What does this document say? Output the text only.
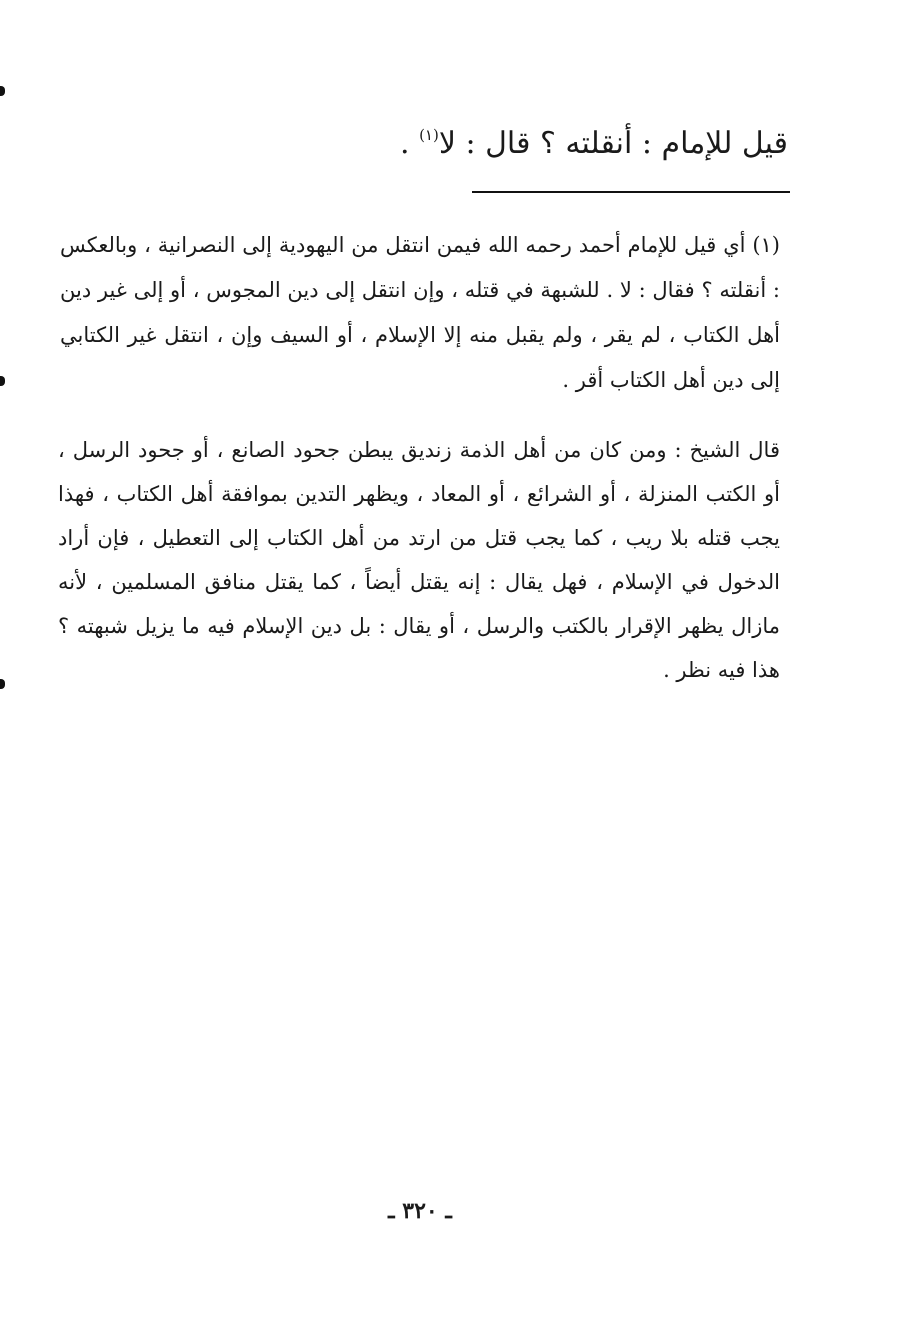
قيل للإمام : أنقلته ؟ قال : لا$^{(١)}$ .

(١) أي قيل للإمام أحمد رحمه الله فيمن انتقل من اليهودية إلى النصرانية ، وبالعكس : أنقلته ؟ فقال : لا . للشبهة في قتله ، وإن انتقل إلى دين المجوس ، أو إلى غير دين أهل الكتاب ، لم يقر ، ولم يقبل منه إلا الإسلام ، أو السيف وإن ، انتقل غير الكتابي إلى دين أهل الكتاب أقر .

قال الشيخ : ومن كان من أهل الذمة زنديق يبطن جحود الصانع ، أو جحود الرسل ، أو الكتب المنزلة ، أو الشرائع ، أو المعاد ، ويظهر التدين بموافقة أهل الكتاب ، فهذا يجب قتله بلا ريب ، كما يجب قتل من ارتد من أهل الكتاب إلى التعطيل ، فإن أراد الدخول في الإسلام ، فهل يقال : إنه يقتل أيضاً ، كما يقتل منافق المسلمين ، لأنه مازال يظهر الإقرار بالكتب والرسل ، أو يقال : بل دين الإسلام فيه ما يزيل شبهته ؟ هذا فيه نظر .

ـ ٣٢٠ ـ
